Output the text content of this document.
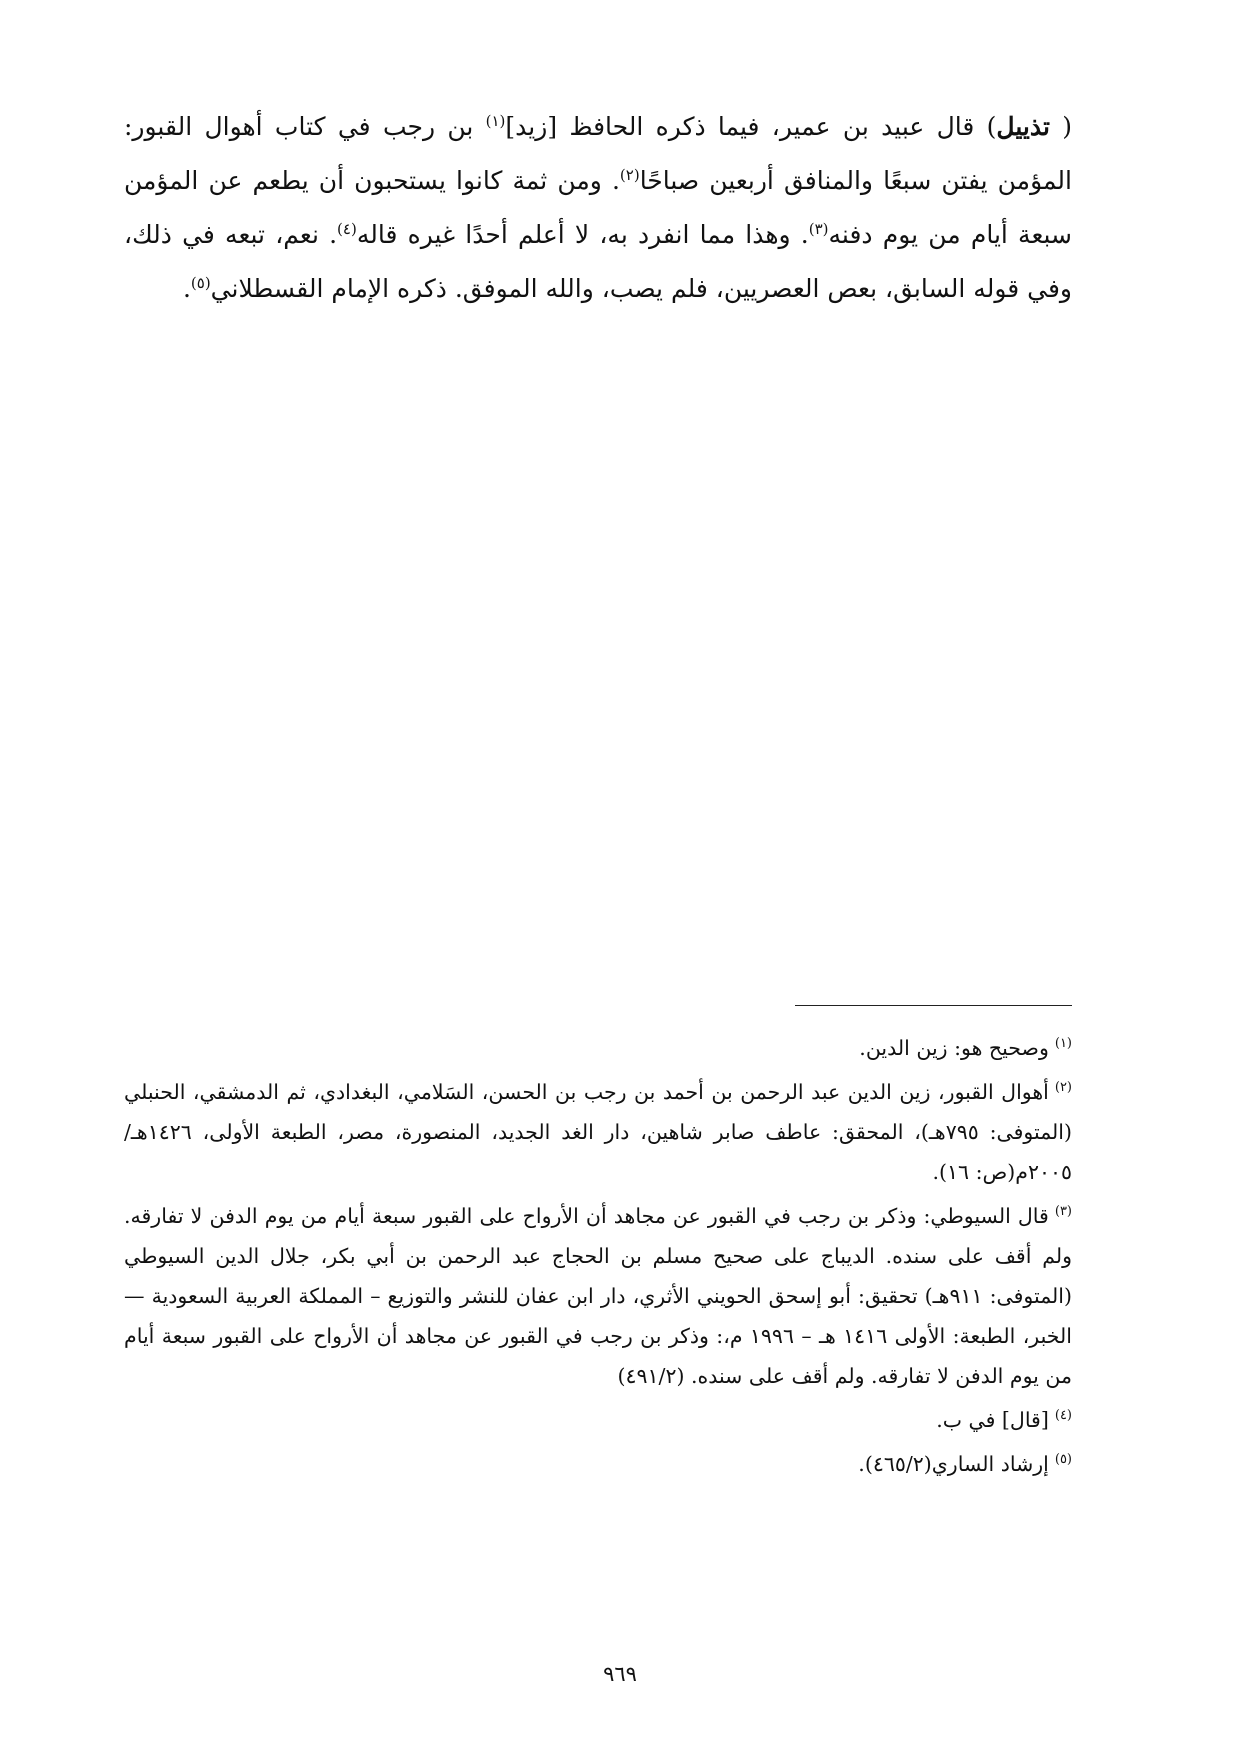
( تذييل) قال عبيد بن عمير، فيما ذكره الحافظ [زيد]$^{(١)}$ بن رجب في كتاب أهوال القبور: المؤمن يفتن سبعًا والمنافق أربعين صباحًا$^{(٢)}$. ومن ثمة كانوا يستحبون أن يطعم عن المؤمن سبعة أيام من يوم دفنه$^{(٣)}$. وهذا مما انفرد به، لا أعلم أحدًا غيره قاله$^{(٤)}$. نعم، تبعه في ذلك، وفي قوله السابق، بعص العصريين، فلم يصب، والله الموفق. ذكره الإمام القسطلاني$^{(٥)}$.

$^{(١)}$وصحيح هو: زين الدين.

$^{(٢)}$أهوال القبور، زين الدين عبد الرحمن بن أحمد بن رجب بن الحسن، السَلامي، البغدادي، ثم الدمشقي، الحنبلي (المتوفى: ٧٩٥هـ)، المحقق: عاطف صابر شاهين، دار الغد الجديد، المنصورة، مصر، الطبعة الأولى، ١٤٢٦هـ/٢٠٠٥م(ص: ١٦).

$^{(٣)}$قال السيوطي: وذكر بن رجب في القبور عن مجاهد أن الأرواح على القبور سبعة أيام من يوم الدفن لا تفارقه. ولم أقف على سنده. الديباج على صحيح مسلم بن الحجاج عبد الرحمن بن أبي بكر، جلال الدين السيوطي (المتوفى: ٩١١هـ) تحقيق: أبو إسحق الحويني الأثري، دار ابن عفان للنشر والتوزيع – المملكة العربية السعودية — الخبر، الطبعة: الأولى ١٤١٦ هـ – ١٩٩٦ م،: وذكر بن رجب في القبور عن مجاهد أن الأرواح على القبور سبعة أيام من يوم الدفن لا تفارقه. ولم أقف على سنده. (٤٩١/٢)

$^{(٤)}$[قال] في ب.

$^{(٥)}$إرشاد الساري(٤٦٥/٢).

٩٦٩
